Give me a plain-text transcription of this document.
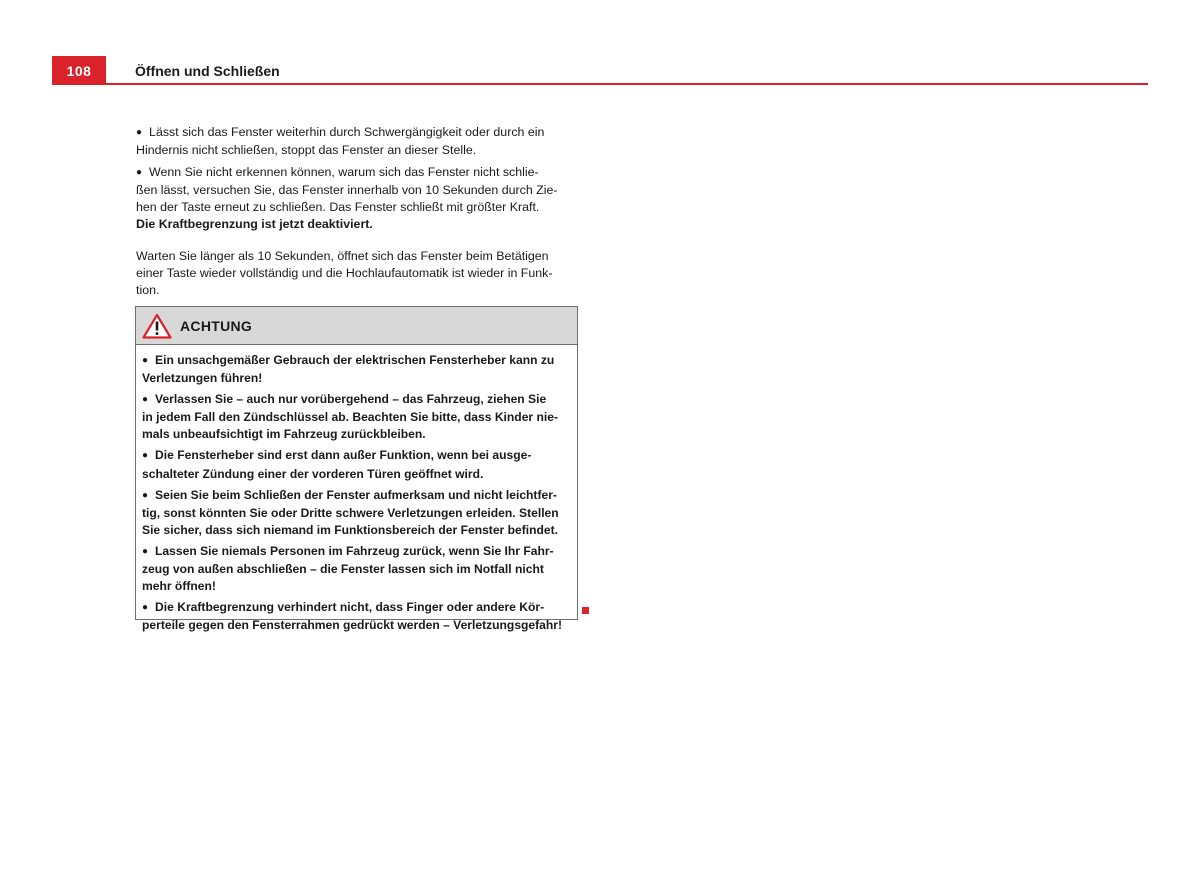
108	Öffnen und Schließen

● Lässt sich das Fenster weiterhin durch Schwergängigkeit oder durch ein
Hindernis nicht schließen, stoppt das Fenster an dieser Stelle.

● Wenn Sie nicht erkennen können, warum sich das Fenster nicht schlie-
ßen lässt, versuchen Sie, das Fenster innerhalb von 10 Sekunden durch Zie-
hen der Taste erneut zu schließen. Das Fenster schließt mit größter Kraft.
Die Kraftbegrenzung ist jetzt deaktiviert.

Warten Sie länger als 10 Sekunden, öffnet sich das Fenster beim Betätigen
einer Taste wieder vollständig und die Hochlaufautomatik ist wieder in Funk-
tion.

ACHTUNG

● Ein unsachgemäßer Gebrauch der elektrischen Fensterheber kann zu
Verletzungen führen!

● Verlassen Sie – auch nur vorübergehend – das Fahrzeug, ziehen Sie
in jedem Fall den Zündschlüssel ab. Beachten Sie bitte, dass Kinder nie-
mals unbeaufsichtigt im Fahrzeug zurückbleiben.

● Die Fensterheber sind erst dann außer Funktion, wenn bei ausge-
schalteter Zündung einer der vorderen Türen geöffnet wird.

● Seien Sie beim Schließen der Fenster aufmerksam und nicht leichtfer-
tig, sonst könnten Sie oder Dritte schwere Verletzungen erleiden. Stellen
Sie sicher, dass sich niemand im Funktionsbereich der Fenster befindet.

● Lassen Sie niemals Personen im Fahrzeug zurück, wenn Sie Ihr Fahr-
zeug von außen abschließen – die Fenster lassen sich im Notfall nicht
mehr öffnen!

● Die Kraftbegrenzung verhindert nicht, dass Finger oder andere Kör-
perteile gegen den Fensterrahmen gedrückt werden – Verletzungsgefahr!
